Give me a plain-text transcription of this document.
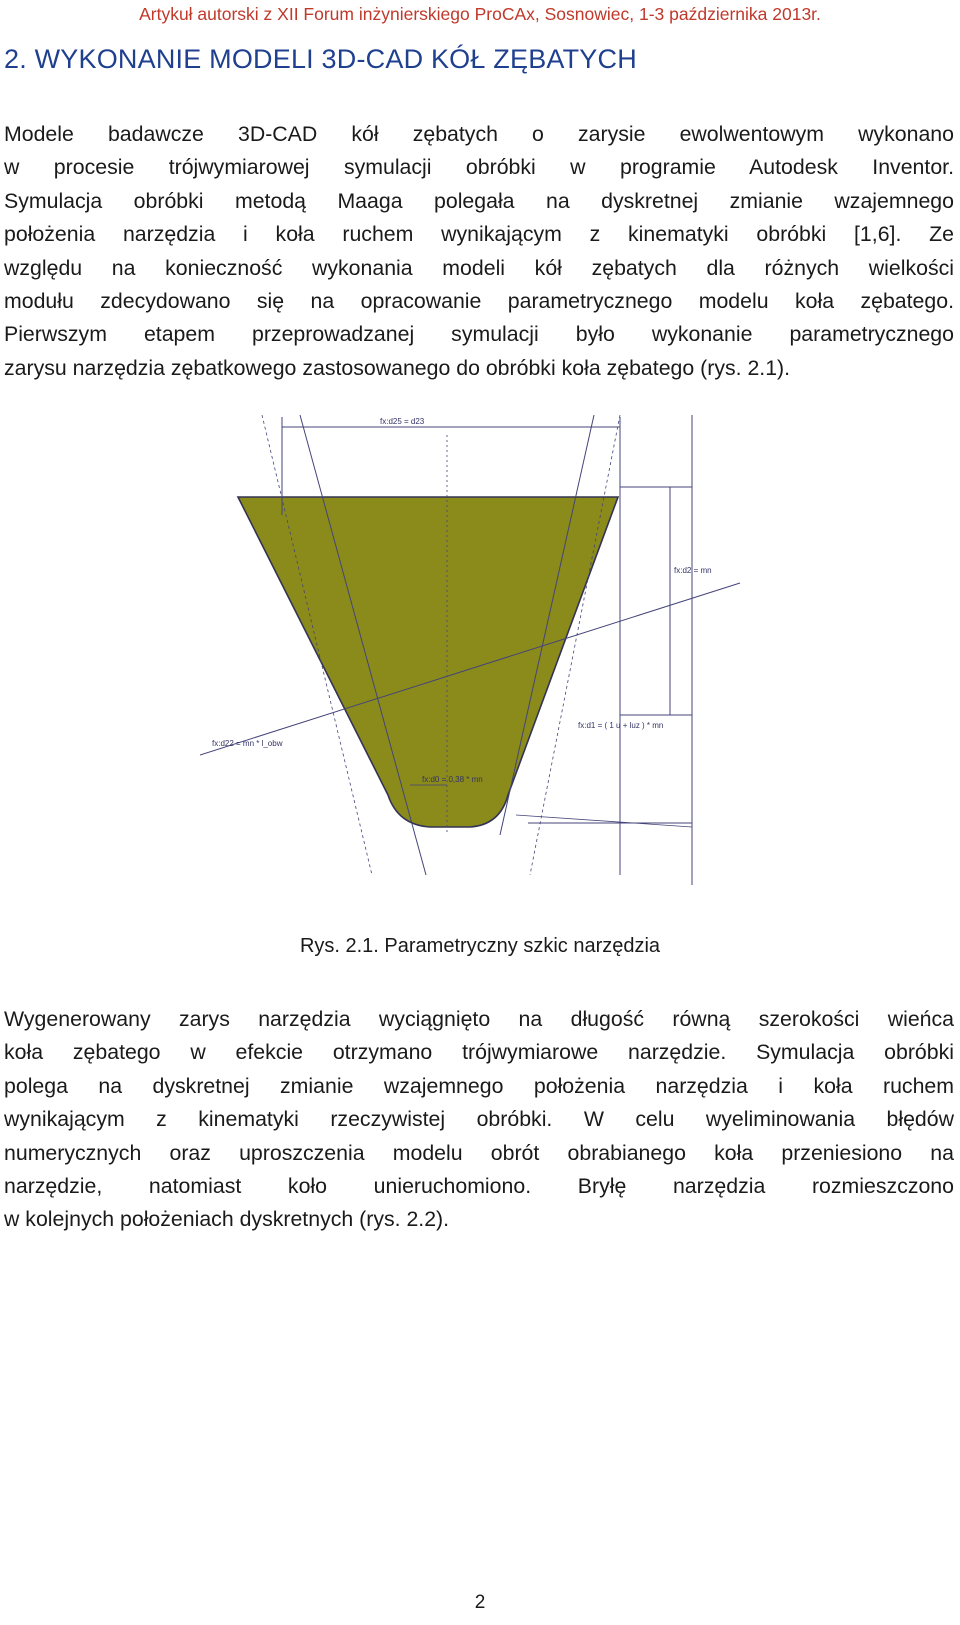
Artykuł autorski z XII Forum inżynierskiego ProCAx, Sosnowiec, 1-3 października 2013r.
2. WYKONANIE MODELI 3D-CAD KÓŁ ZĘBATYCH

Modele badawcze 3D-CAD kół zębatych o zarysie ewolwentowym wykonano
w procesie trójwymiarowej symulacji obróbki w programie Autodesk Inventor.
Symulacja obróbki metodą Maaga polegała na dyskretnej zmianie wzajemnego
położenia narzędzia i koła ruchem wynikającym z kinematyki obróbki [1,6]. Ze
względu na konieczność wykonania modeli kół zębatych dla różnych wielkości
modułu zdecydowano się na opracowanie parametrycznego modelu koła zębatego.
Pierwszym etapem przeprowadzanej symulacji było wykonanie parametrycznego
zarysu narzędzia zębatkowego zastosowanego do obróbki koła zębatego (rys. 2.1).

fx:d25 = d23
fx:d2 = mn
fx:d22 = mn * l_obw
fx:d1 = ( 1 u + luz ) * mn
fx:d0 = 0,38 * mn
Rys. 2.1. Parametryczny szkic narzędzia

Wygenerowany zarys narzędzia wyciągnięto na długość równą szerokości wieńca
koła zębatego w efekcie otrzymano trójwymiarowe narzędzie. Symulacja obróbki
polega na dyskretnej zmianie wzajemnego położenia narzędzia i koła ruchem
wynikającym z kinematyki rzeczywistej obróbki. W celu wyeliminowania błędów
numerycznych oraz uproszczenia modelu obrót obrabianego koła przeniesiono na
narzędzie, natomiast koło unieruchomiono. Bryłę narzędzia rozmieszczono
w kolejnych położeniach dyskretnych (rys. 2.2).

2
